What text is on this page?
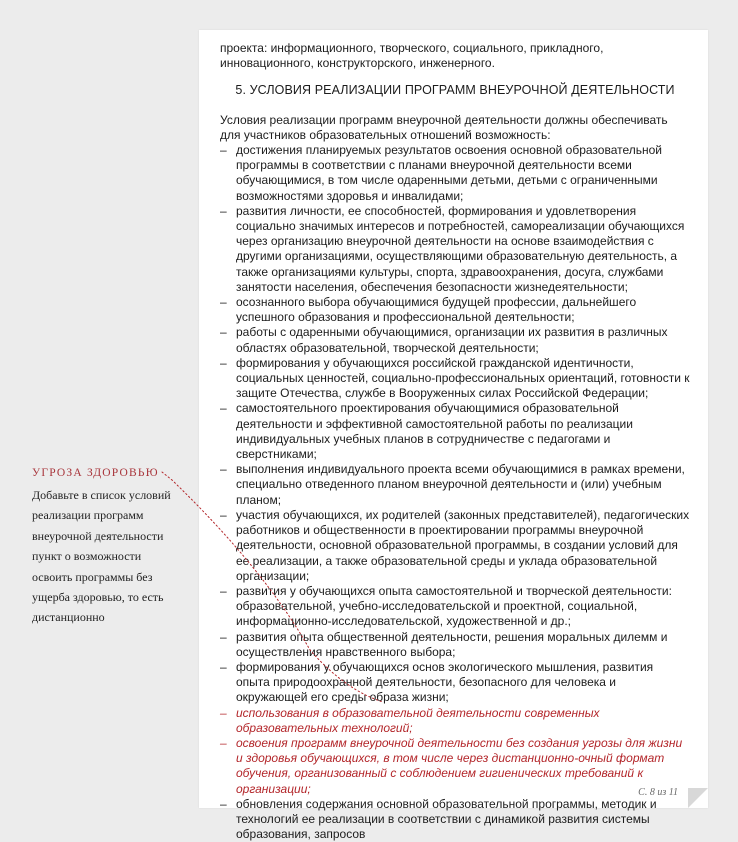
проекта: информационного, творческого, социального, прикладного, инновационного, конструкторского, инженерного.

5. УСЛОВИЯ РЕАЛИЗАЦИИ ПРОГРАММ ВНЕУРОЧНОЙ ДЕЯТЕЛЬНОСТИ

Условия реализации программ внеурочной деятельности должны обеспечивать для участников образовательных отношений возможность:

– достижения планируемых результатов освоения основной образовательной программы в соответствии с планами внеурочной деятельности всеми обучающимися, в том числе одаренными детьми, детьми с ограниченными возможностями здоровья и инвалидами;
– развития личности, ее способностей, формирования и удовлетворения социально значимых интересов и потребностей, самореализации обучающихся через организацию внеурочной деятельности на основе взаимодействия с другими организациями, осуществляющими образовательную деятельность, а также организациями культуры, спорта, здравоохранения, досуга, службами занятости населения, обеспечения безопасности жизнедеятельности;
– осознанного выбора обучающимися будущей профессии, дальнейшего успешного образования и профессиональной деятельности;
– работы с одаренными обучающимися, организации их развития в различных областях образовательной, творческой деятельности;
– формирования у обучающихся российской гражданской идентичности, социальных ценностей, социально-профессиональных ориентаций, готовности к защите Отечества, службе в Вооруженных силах Российской Федерации;
– самостоятельного проектирования обучающимися образовательной деятельности и эффективной самостоятельной работы по реализации индивидуальных учебных планов в сотрудничестве с педагогами и сверстниками;
– выполнения индивидуального проекта всеми обучающимися в рамках времени, специально отведенного планом внеурочной деятельности и (или) учебным планом;
– участия обучающихся, их родителей (законных представителей), педагогических работников и общественности в проектировании программы внеурочной деятельности, основной образовательной программы, в создании условий для ее реализации, а также образовательной среды и уклада образовательной организации;
– развития у обучающихся опыта самостоятельной и творческой деятельности: образовательной, учебно-исследовательской и проектной, социальной, информационно-исследовательской, художественной и др.;
– развития опыта общественной деятельности, решения моральных дилемм и осуществления нравственного выбора;
– формирования у обучающихся основ экологического мышления, развития опыта природоохранной деятельности, безопасного для человека и окружающей его среды образа жизни;
– использования в образовательной деятельности современных образовательных технологий;
– освоения программ внеурочной деятельности без создания угрозы для жизни и здоровья обучающихся, в том числе через дистанционно-очный формат обучения, организованный с соблюдением гигиенических требований к организации;
– обновления содержания основной образовательной программы, методик и технологий ее реализации в соответствии с динамикой развития системы образования, запросов
С. 8 из 11

УГРОЗА ЗДОРОВЬЮ

Добавьте в список условий реализации программ внеурочной деятельности пункт о возможности освоить программы без ущерба здоровью, то есть дистанционно
